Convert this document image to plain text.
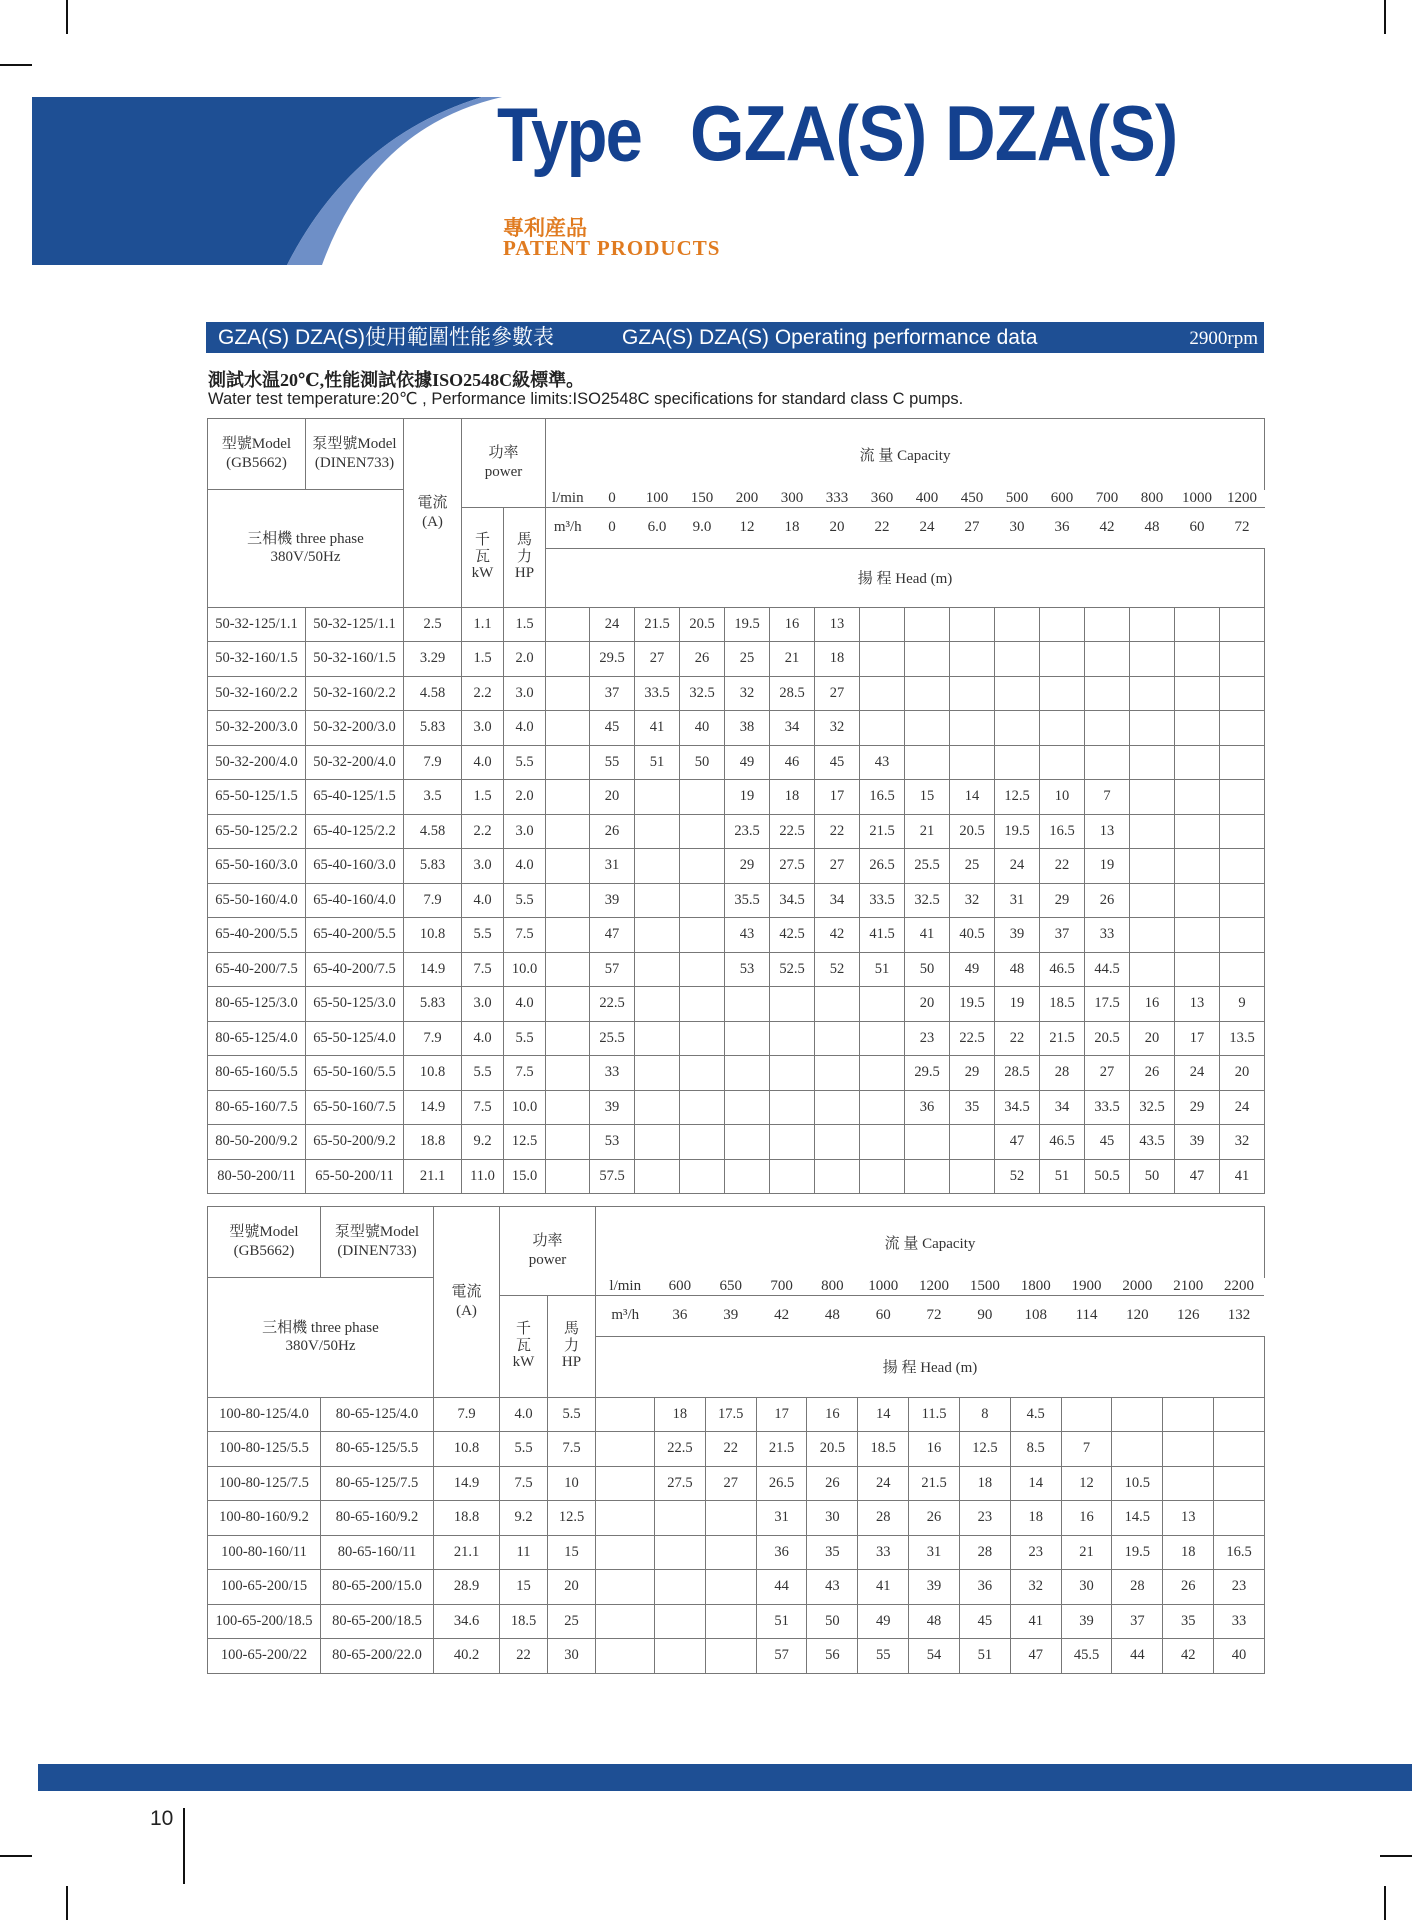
Type GZA(S) DZA(S)
專利産品
PATENT PRODUCTS
GZA(S) DZA(S)使用範圍性能參數表	GZA(S) DZA(S) Operating performance data	2900rpm
測試水温20℃,性能測試依據ISO2548C級標準。
Water test temperature:20℃ , Performance limits:ISO2548C specifications for standard class C pumps.
型號Model
(GB5662)	泵型號Model
(DINEN733)	電流
(A)	功率
power		流 量 Capacity															
三相機 three phase
380V/50Hz					l/min	0	100	150	200	300	333	360	400	450	500	600	700	800	1000	1200
			千
瓦
kW	馬
力
HP	m³/h	0	6.0	9.0	12	18	20	22	24	27	30	36	42	48	60	72
					揚 程 Head (m)															
50-32-125/1.1	50-32-125/1.1	2.5	1.1	1.5		24	21.5	20.5	19.5	16	13									
50-32-160/1.5	50-32-160/1.5	3.29	1.5	2.0		29.5	27	26	25	21	18									
50-32-160/2.2	50-32-160/2.2	4.58	2.2	3.0		37	33.5	32.5	32	28.5	27									
50-32-200/3.0	50-32-200/3.0	5.83	3.0	4.0		45	41	40	38	34	32									
50-32-200/4.0	50-32-200/4.0	7.9	4.0	5.5		55	51	50	49	46	45	43								
65-50-125/1.5	65-40-125/1.5	3.5	1.5	2.0		20			19	18	17	16.5	15	14	12.5	10	7			
65-50-125/2.2	65-40-125/2.2	4.58	2.2	3.0		26			23.5	22.5	22	21.5	21	20.5	19.5	16.5	13			
65-50-160/3.0	65-40-160/3.0	5.83	3.0	4.0		31			29	27.5	27	26.5	25.5	25	24	22	19			
65-50-160/4.0	65-40-160/4.0	7.9	4.0	5.5		39			35.5	34.5	34	33.5	32.5	32	31	29	26			
65-40-200/5.5	65-40-200/5.5	10.8	5.5	7.5		47			43	42.5	42	41.5	41	40.5	39	37	33			
65-40-200/7.5	65-40-200/7.5	14.9	7.5	10.0		57			53	52.5	52	51	50	49	48	46.5	44.5			
80-65-125/3.0	65-50-125/3.0	5.83	3.0	4.0		22.5							20	19.5	19	18.5	17.5	16	13	9
80-65-125/4.0	65-50-125/4.0	7.9	4.0	5.5		25.5							23	22.5	22	21.5	20.5	20	17	13.5
80-65-160/5.5	65-50-160/5.5	10.8	5.5	7.5		33							29.5	29	28.5	28	27	26	24	20
80-65-160/7.5	65-50-160/7.5	14.9	7.5	10.0		39							36	35	34.5	34	33.5	32.5	29	24
80-50-200/9.2	65-50-200/9.2	18.8	9.2	12.5		53									47	46.5	45	43.5	39	32
80-50-200/11	65-50-200/11	21.1	11.0	15.0		57.5									52	51	50.5	50	47	41
型號Model
(GB5662)	泵型號Model
(DINEN733)	電流
(A)	功率
power		流 量 Capacity												
三相機 three phase
380V/50Hz					l/min	600	650	700	800	1000	1200	1500	1800	1900	2000	2100	2200
			千
瓦
kW	馬
力
HP	m³/h	36	39	42	48	60	72	90	108	114	120	126	132
					揚 程 Head (m)												
100-80-125/4.0	80-65-125/4.0	7.9	4.0	5.5		18	17.5	17	16	14	11.5	8	4.5				
100-80-125/5.5	80-65-125/5.5	10.8	5.5	7.5		22.5	22	21.5	20.5	18.5	16	12.5	8.5	7			
100-80-125/7.5	80-65-125/7.5	14.9	7.5	10		27.5	27	26.5	26	24	21.5	18	14	12	10.5		
100-80-160/9.2	80-65-160/9.2	18.8	9.2	12.5				31	30	28	26	23	18	16	14.5	13	
100-80-160/11	80-65-160/11	21.1	11	15				36	35	33	31	28	23	21	19.5	18	16.5
100-65-200/15	80-65-200/15.0	28.9	15	20				44	43	41	39	36	32	30	28	26	23
100-65-200/18.5	80-65-200/18.5	34.6	18.5	25				51	50	49	48	45	41	39	37	35	33
100-65-200/22	80-65-200/22.0	40.2	22	30				57	56	55	54	51	47	45.5	44	42	40
10
